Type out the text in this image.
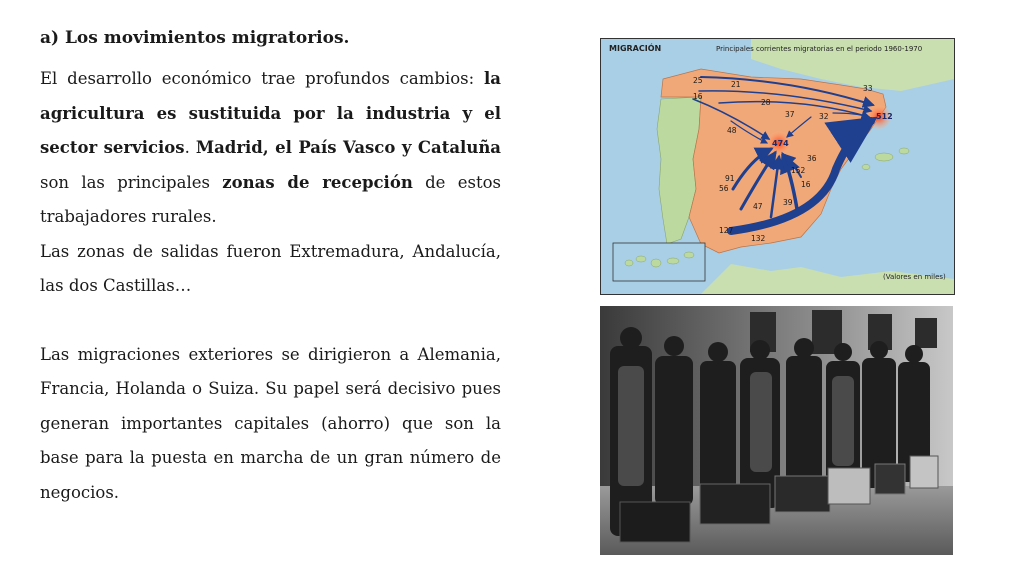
a) Los movimientos migratorios.

El desarrollo económico trae profundos cambios: la agricultura es sustituida por la industria y el sector servicios. Madrid, el País Vasco y Cataluña son las principales zonas de recepción de estos trabajadores rurales.

Las zonas de salidas fueron Extremadura, Andalucía, las dos Castillas…

Las migraciones exteriores se dirigieron a Alemania, Francia, Holanda o Suiza. Su papel será decisivo pues generan importantes capitales (ahorro) que son la base para la puesta en marcha de un gran número de negocios.

MIGRACIÓN	Principales corrientes migratorias en el periodo 1960-1970
(Valores en miles)
25	21
16
28
33
37	32
48
36
152
91
16
56
47	39
127
132
474
512
